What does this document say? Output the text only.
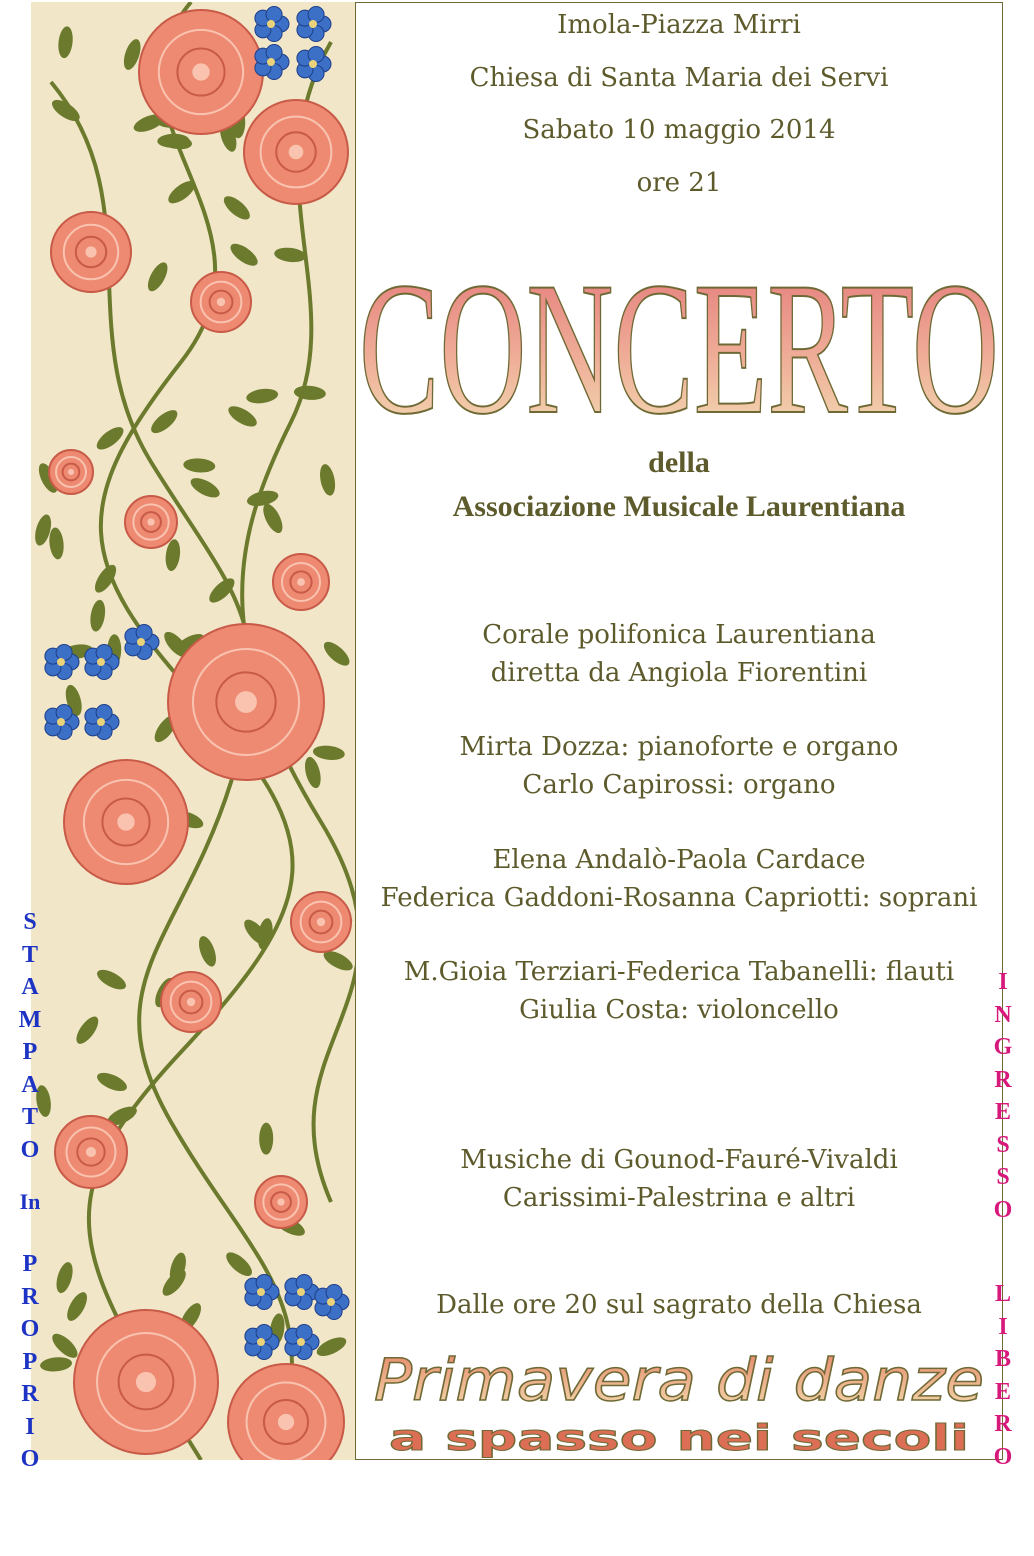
Imola-Piazza Mirri
Chiesa di Santa Maria dei Servi
Sabato 10 maggio 2014
ore 21
CONCERTO
della
Associazione Musicale Laurentiana
Corale polifonica Laurentiana
diretta da Angiola Fiorentini
Mirta Dozza: pianoforte e organo
Carlo Capirossi: organo
Elena Andalò-Paola Cardace
Federica Gaddoni-Rosanna Capriotti: soprani
M.Gioia Terziari-Federica Tabanelli: flauti
Giulia Costa: violoncello
Musiche di Gounod-Fauré-Vivaldi
Carissimi-Palestrina e altri
Dalle ore 20 sul sagrato della Chiesa
Primavera di danze
a spasso nei secoli
S
T
A
M
P
A
T
O
In
P
R
O
P
R
I
O
I
N
G
R
E
S
S
O
L
I
B
E
R
O
